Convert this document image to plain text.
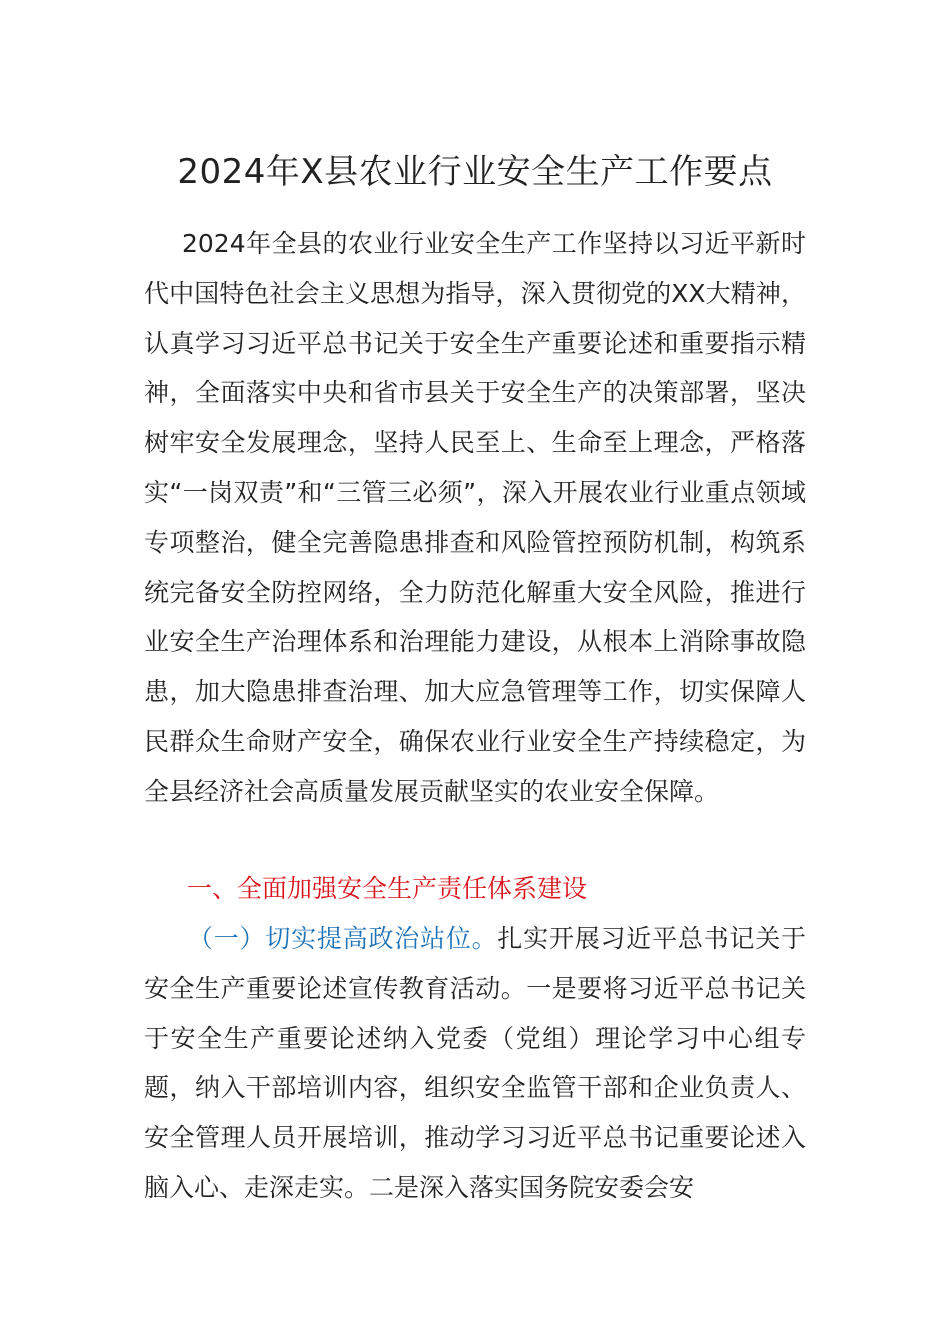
2024年X县农业行业安全生产工作要点

2024年全县的农业行业安全生产工作坚持以习近平新时代中国特色社会主义思想为指导，深入贯彻党的XX大精神，认真学习习近平总书记关于安全生产重要论述和重要指示精神，全面落实中央和省市县关于安全生产的决策部署，坚决树牢安全发展理念，坚持人民至上、生命至上理念，严格落实“一岗双责”和“三管三必须”，深入开展农业行业重点领域专项整治，健全完善隐患排查和风险管控预防机制，构筑系统完备安全防控网络，全力防范化解重大安全风险，推进行业安全生产治理体系和治理能力建设，从根本上消除事故隐患，加大隐患排查治理、加大应急管理等工作，切实保障人民群众生命财产安全，确保农业行业安全生产持续稳定，为全县经济社会高质量发展贡献坚实的农业安全保障。

一、全面加强安全生产责任体系建设

（一）切实提高政治站位。扎实开展习近平总书记关于安全生产重要论述宣传教育活动。一是要将习近平总书记关于安全生产重要论述纳入党委（党组）理论学习中心组专题，纳入干部培训内容，组织安全监管干部和企业负责人、安全管理人员开展培训，推动学习习近平总书记重要论述入脑入心、走深走实。二是深入落实国务院安委会安
